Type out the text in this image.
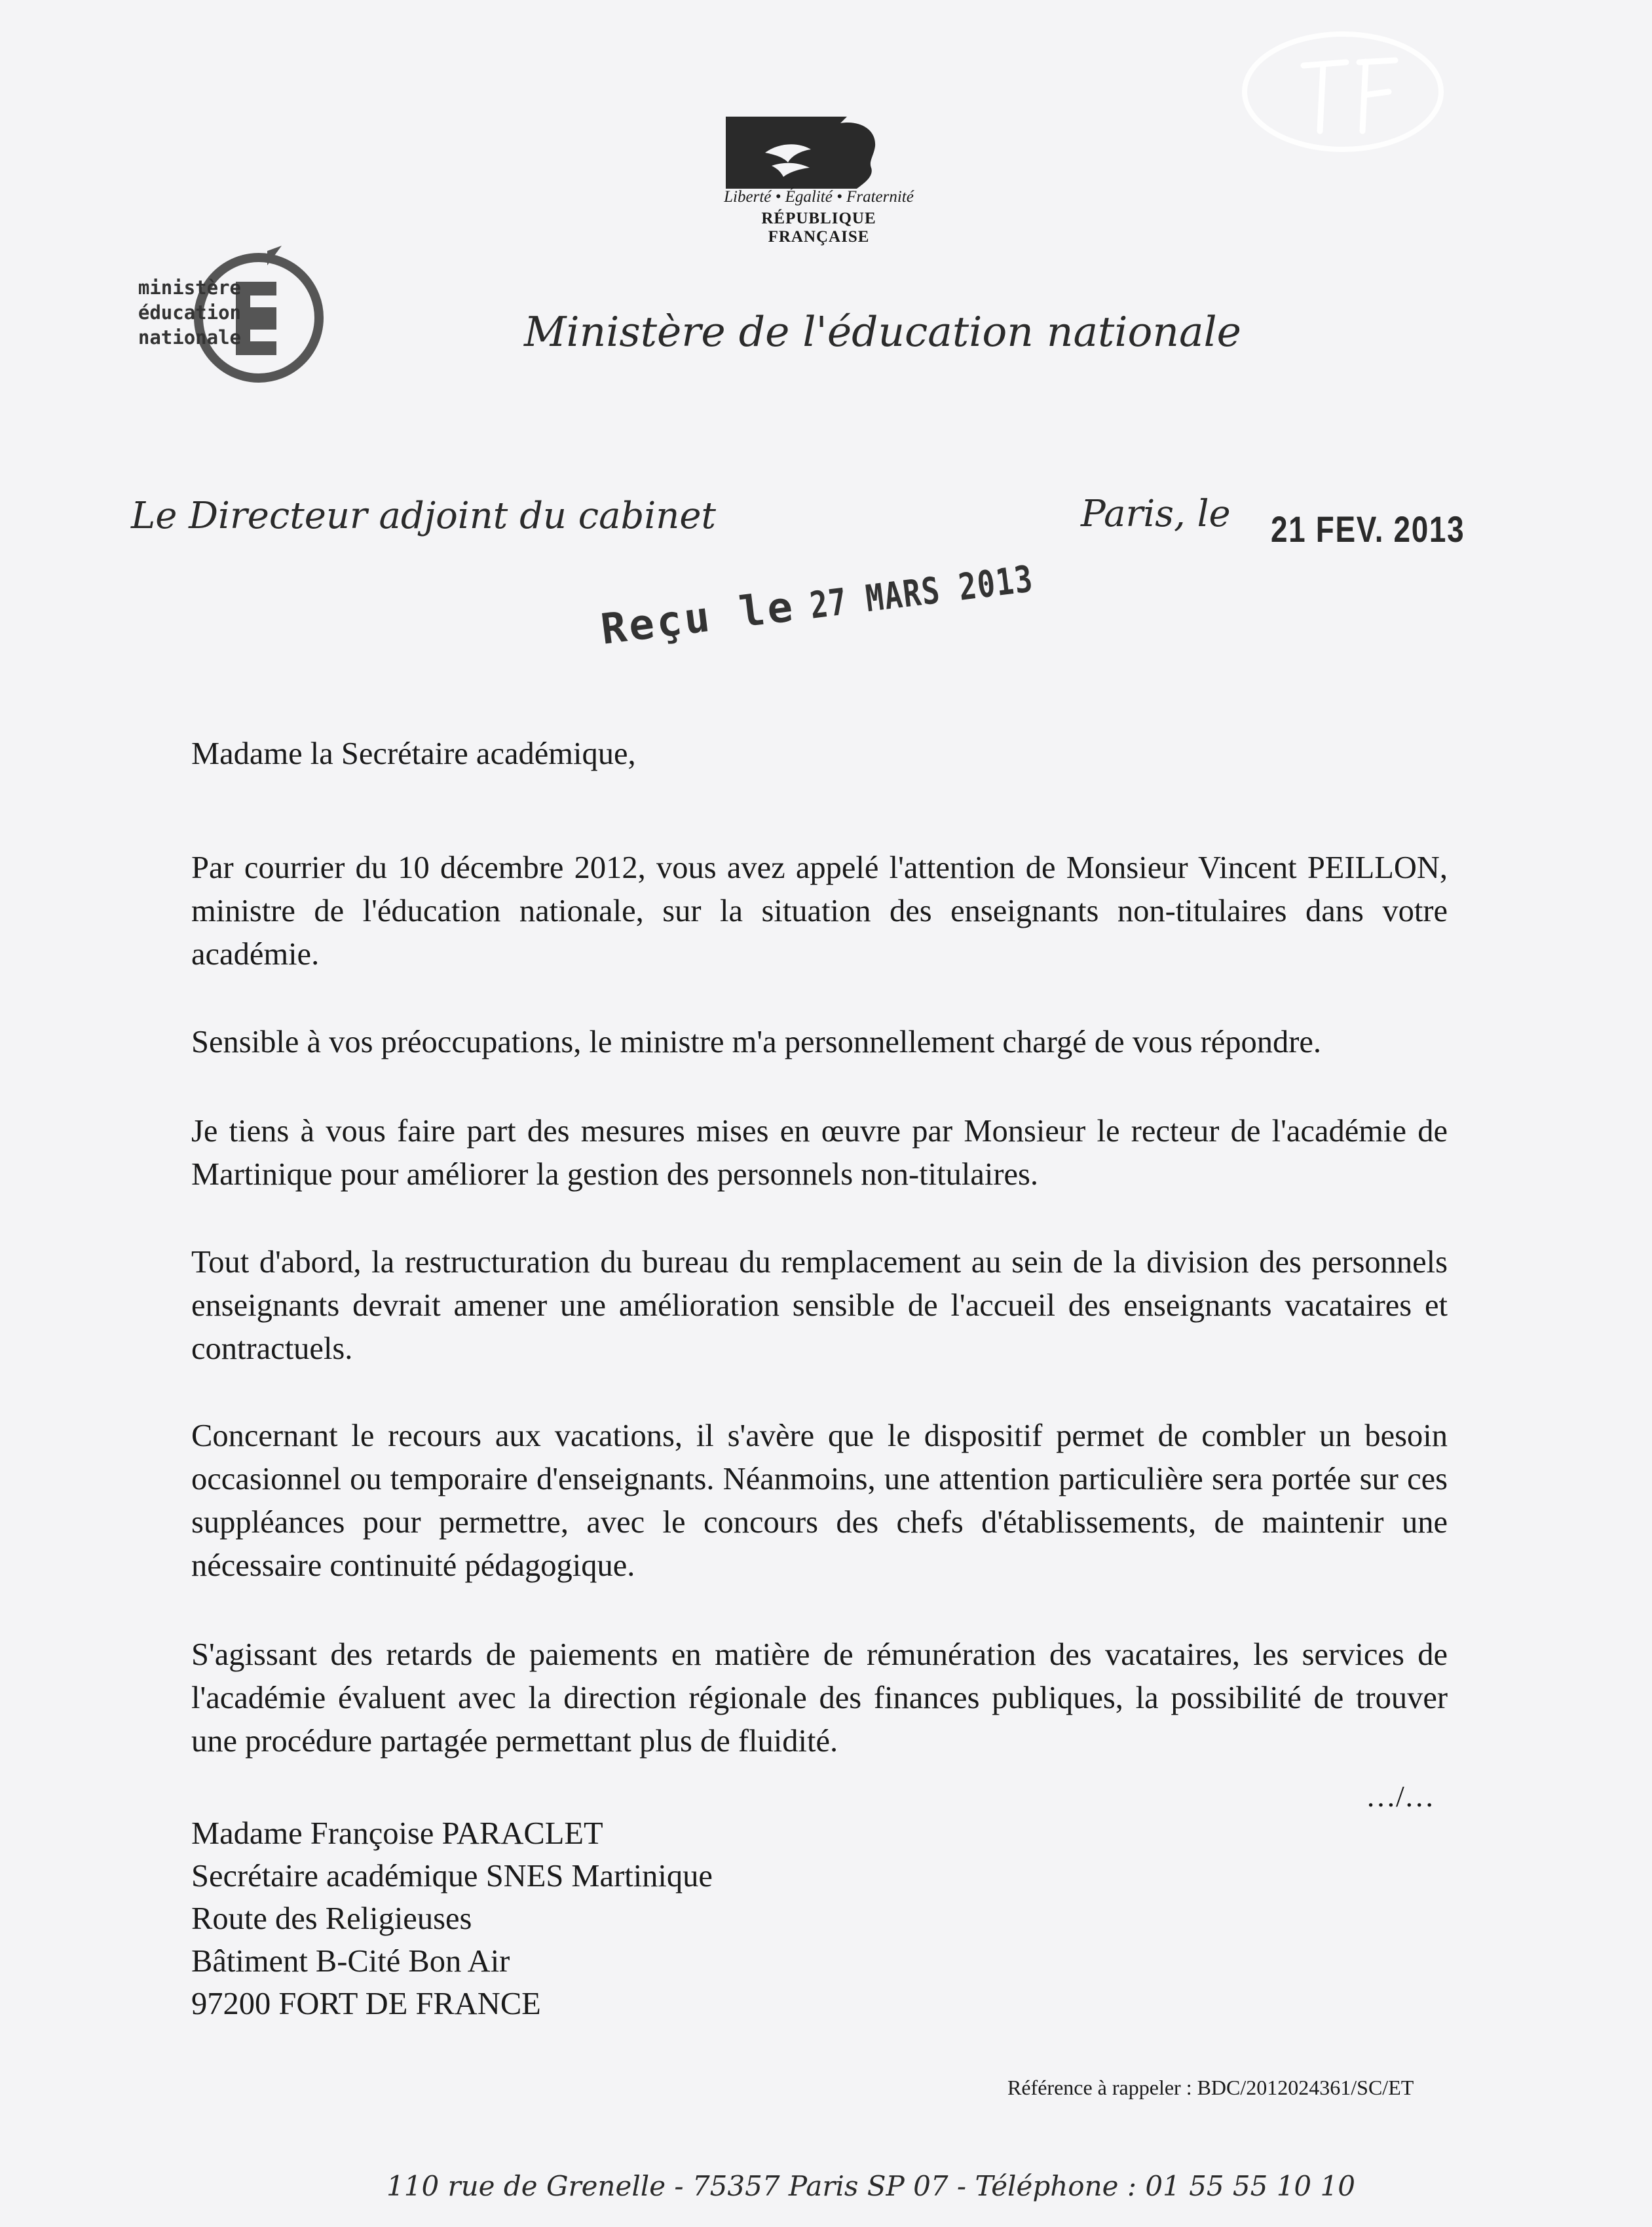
Liberté • Égalité • Fraternité
RÉPUBLIQUE FRANÇAISE
ministère
éducation
nationale	Ministère de l'éducation nationale
Le Directeur adjoint du cabinet	Paris, le 21 FEV. 2013
Reçu le 27 MARS 2013
Madame la Secrétaire académique,
Par courrier du 10 décembre 2012, vous avez appelé l'attention de Monsieur Vincent PEILLON, ministre de l'éducation nationale, sur la situation des enseignants non-titulaires dans votre académie.
Sensible à vos préoccupations, le ministre m'a personnellement chargé de vous répondre.
Je tiens à vous faire part des mesures mises en œuvre par Monsieur le recteur de l'académie de Martinique pour améliorer la gestion des personnels non-titulaires.
Tout d'abord, la restructuration du bureau du remplacement au sein de la division des personnels enseignants devrait amener une amélioration sensible de l'accueil des enseignants vacataires et contractuels.
Concernant le recours aux vacations, il s'avère que le dispositif permet de combler un besoin occasionnel ou temporaire d'enseignants. Néanmoins, une attention particulière sera portée sur ces suppléances pour permettre, avec le concours des chefs d'établissements, de maintenir une nécessaire continuité pédagogique.
S'agissant des retards de paiements en matière de rémunération des vacataires, les services de l'académie évaluent avec la direction régionale des finances publiques, la possibilité de trouver une procédure partagée permettant plus de fluidité.
…/…
Madame Françoise PARACLET
Secrétaire académique SNES Martinique
Route des Religieuses
Bâtiment B-Cité Bon Air
97200 FORT DE FRANCE
Référence à rappeler : BDC/2012024361/SC/ET
110 rue de Grenelle - 75357 Paris SP 07 - Téléphone : 01 55 55 10 10
